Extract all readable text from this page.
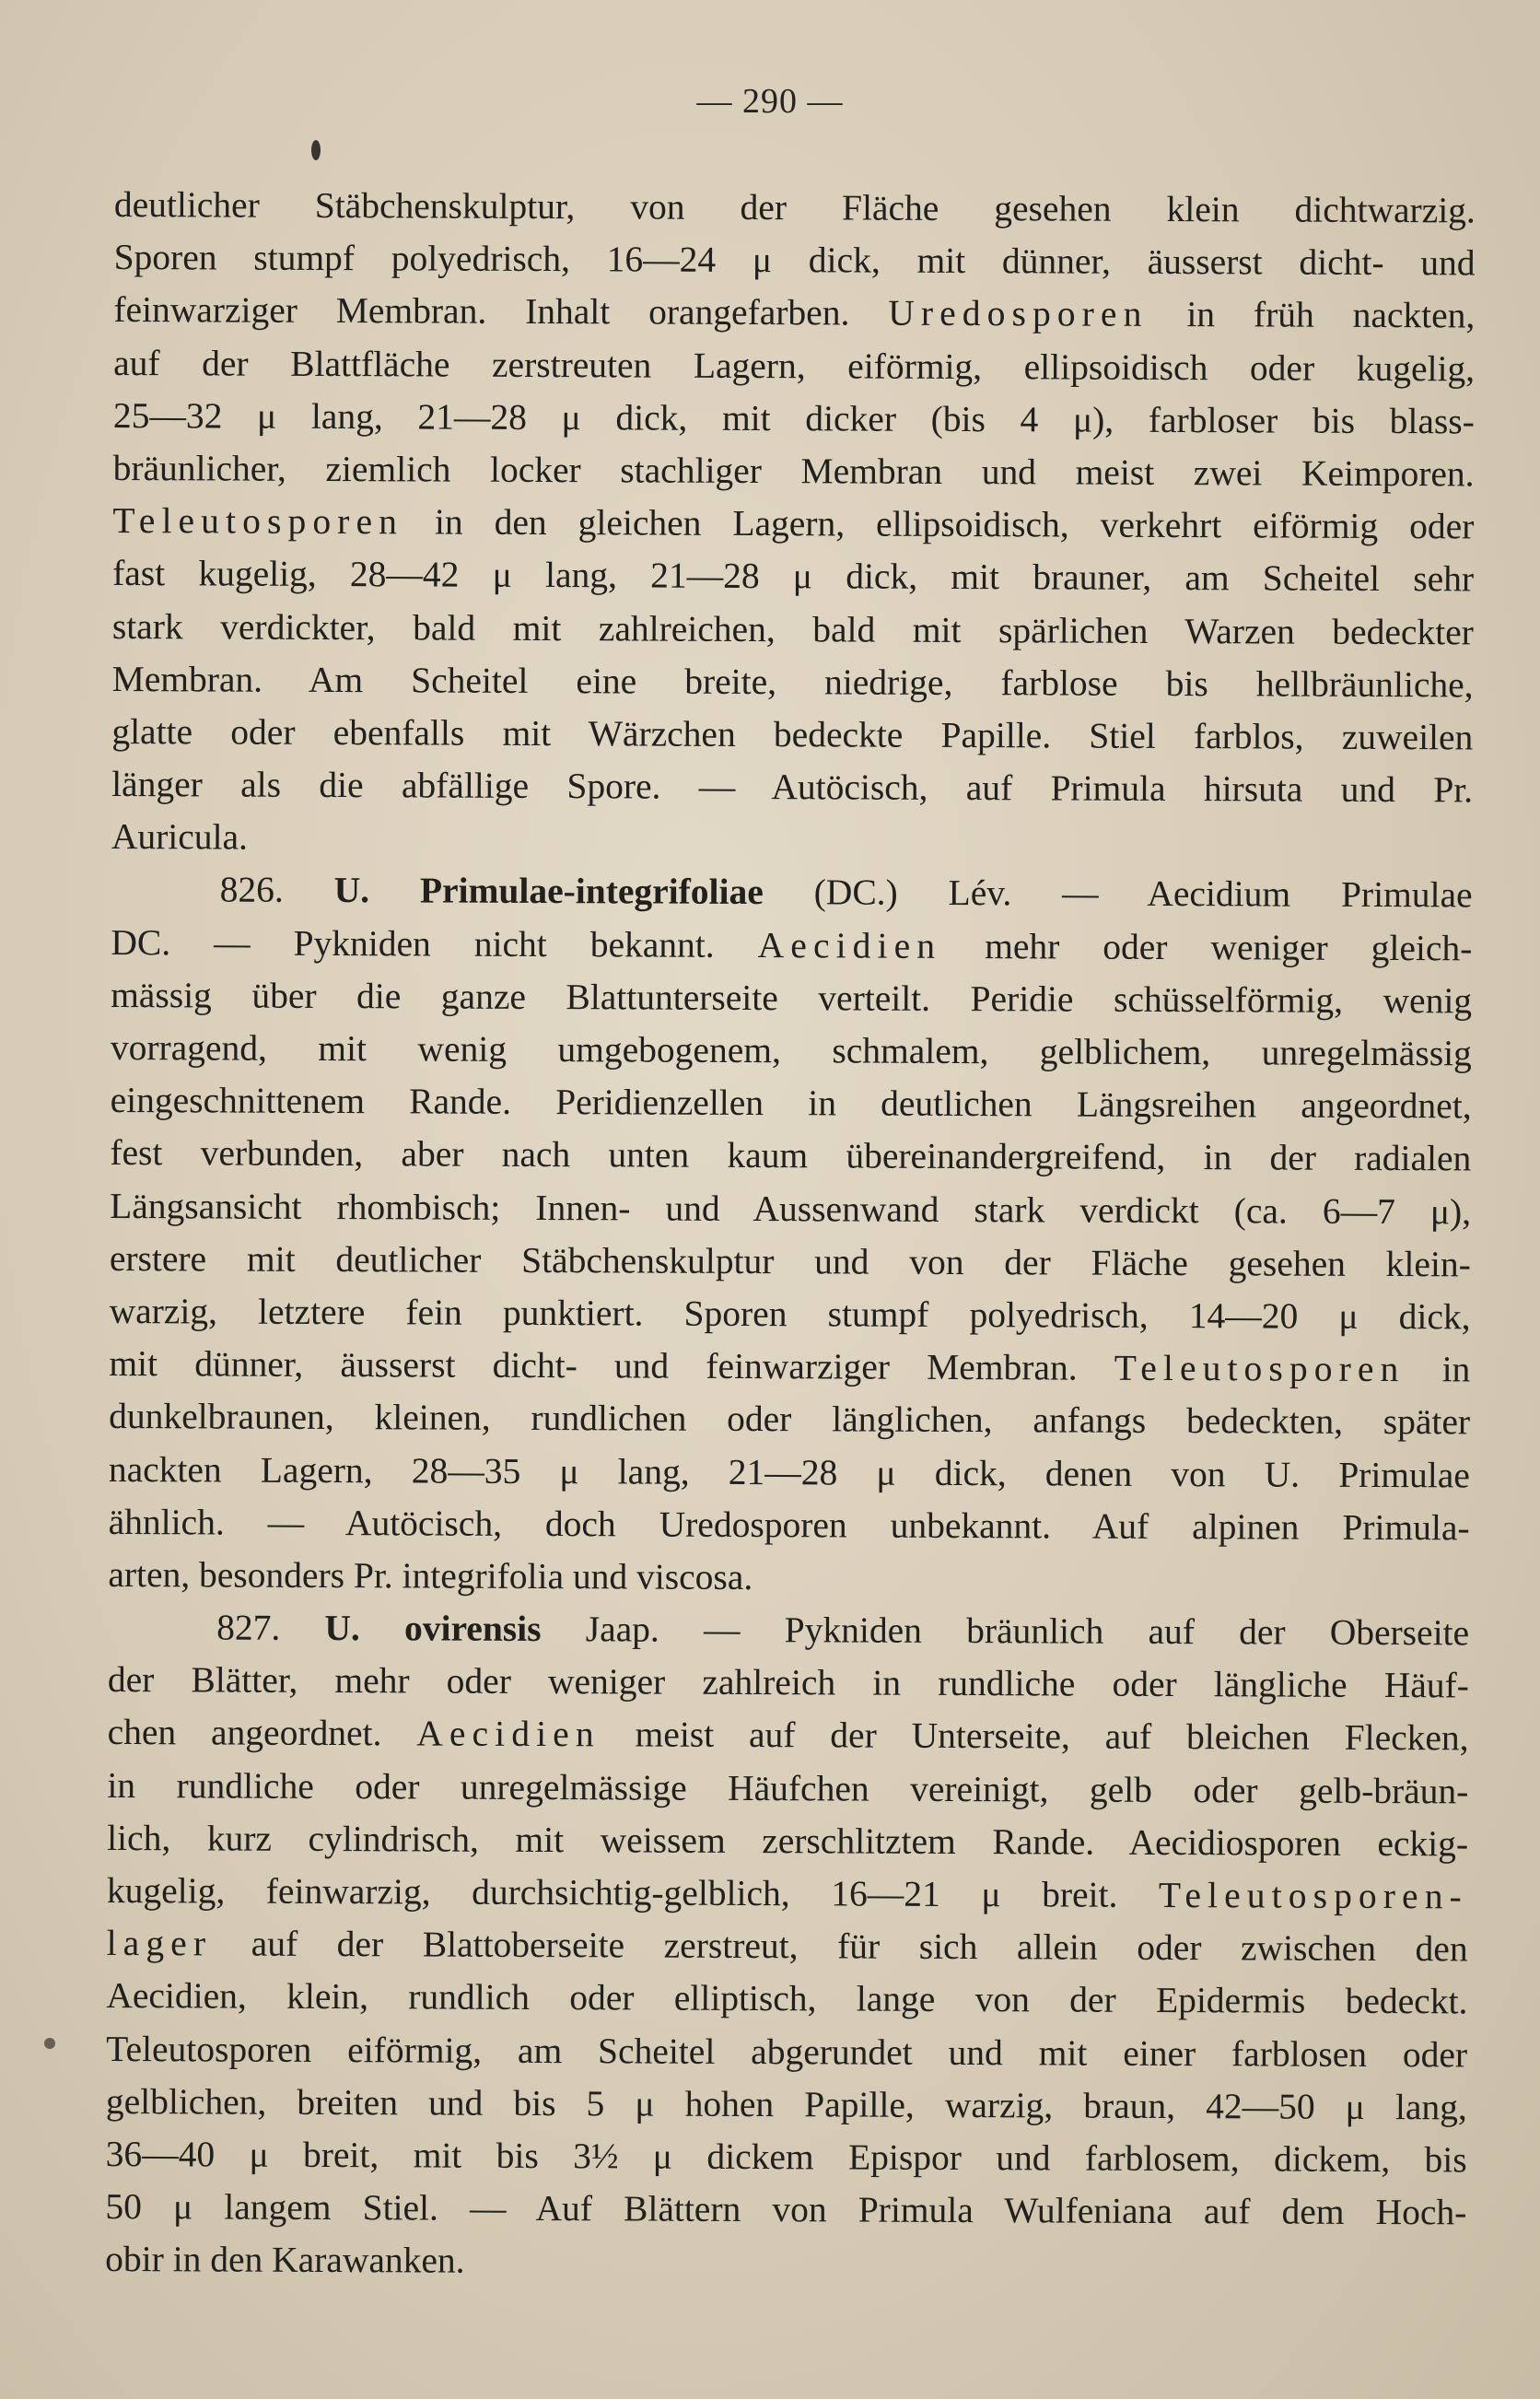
— 290 —
deutlicher Stäbchenskulptur, von der Fläche gesehen klein dichtwarzig.
Sporen stumpf polyedrisch, 16—24 μ dick, mit dünner, äusserst dicht- und
feinwarziger Membran. Inhalt orangefarben. Uredosporen in früh nackten,
auf der Blattfläche zerstreuten Lagern, eiförmig, ellipsoidisch oder kugelig,
25—32 μ lang, 21—28 μ dick, mit dicker (bis 4 μ), farbloser bis blass-
bräunlicher, ziemlich locker stachliger Membran und meist zwei Keimporen.
Teleutosporen in den gleichen Lagern, ellipsoidisch, verkehrt eiförmig oder
fast kugelig, 28—42 μ lang, 21—28 μ dick, mit brauner, am Scheitel sehr
stark verdickter, bald mit zahlreichen, bald mit spärlichen Warzen bedeckter
Membran. Am Scheitel eine breite, niedrige, farblose bis hellbräunliche,
glatte oder ebenfalls mit Wärzchen bedeckte Papille. Stiel farblos, zuweilen
länger als die abfällige Spore. — Autöcisch, auf Primula hirsuta und Pr.
Auricula.
826. U. Primulae-integrifoliae (DC.) Lév. — Aecidium Primulae
DC. — Pykniden nicht bekannt. Aecidien mehr oder weniger gleich-
mässig über die ganze Blattunterseite verteilt. Peridie schüsselförmig, wenig
vorragend, mit wenig umgebogenem, schmalem, gelblichem, unregelmässig
eingeschnittenem Rande. Peridienzellen in deutlichen Längsreihen angeordnet,
fest verbunden, aber nach unten kaum übereinandergreifend, in der radialen
Längsansicht rhombisch; Innen- und Aussenwand stark verdickt (ca. 6—7 μ),
erstere mit deutlicher Stäbchenskulptur und von der Fläche gesehen klein-
warzig, letztere fein punktiert. Sporen stumpf polyedrisch, 14—20 μ dick,
mit dünner, äusserst dicht- und feinwarziger Membran. Teleutosporen in
dunkelbraunen, kleinen, rundlichen oder länglichen, anfangs bedeckten, später
nackten Lagern, 28—35 μ lang, 21—28 μ dick, denen von U. Primulae
ähnlich. — Autöcisch, doch Uredosporen unbekannt. Auf alpinen Primula-
arten, besonders Pr. integrifolia und viscosa.
827. U. ovirensis Jaap. — Pykniden bräunlich auf der Oberseite
der Blätter, mehr oder weniger zahlreich in rundliche oder längliche Häuf-
chen angeordnet. Aecidien meist auf der Unterseite, auf bleichen Flecken,
in rundliche oder unregelmässige Häufchen vereinigt, gelb oder gelb-bräun-
lich, kurz cylindrisch, mit weissem zerschlitztem Rande. Aecidiosporen eckig-
kugelig, feinwarzig, durchsichtig-gelblich, 16—21 μ breit. Teleutosporen-
lager auf der Blattoberseite zerstreut, für sich allein oder zwischen den
Aecidien, klein, rundlich oder elliptisch, lange von der Epidermis bedeckt.
Teleutosporen eiförmig, am Scheitel abgerundet und mit einer farblosen oder
gelblichen, breiten und bis 5 μ hohen Papille, warzig, braun, 42—50 μ lang,
36—40 μ breit, mit bis 3½ μ dickem Epispor und farblosem, dickem, bis
50 μ langem Stiel. — Auf Blättern von Primula Wulfeniana auf dem Hoch-
obir in den Karawanken.
